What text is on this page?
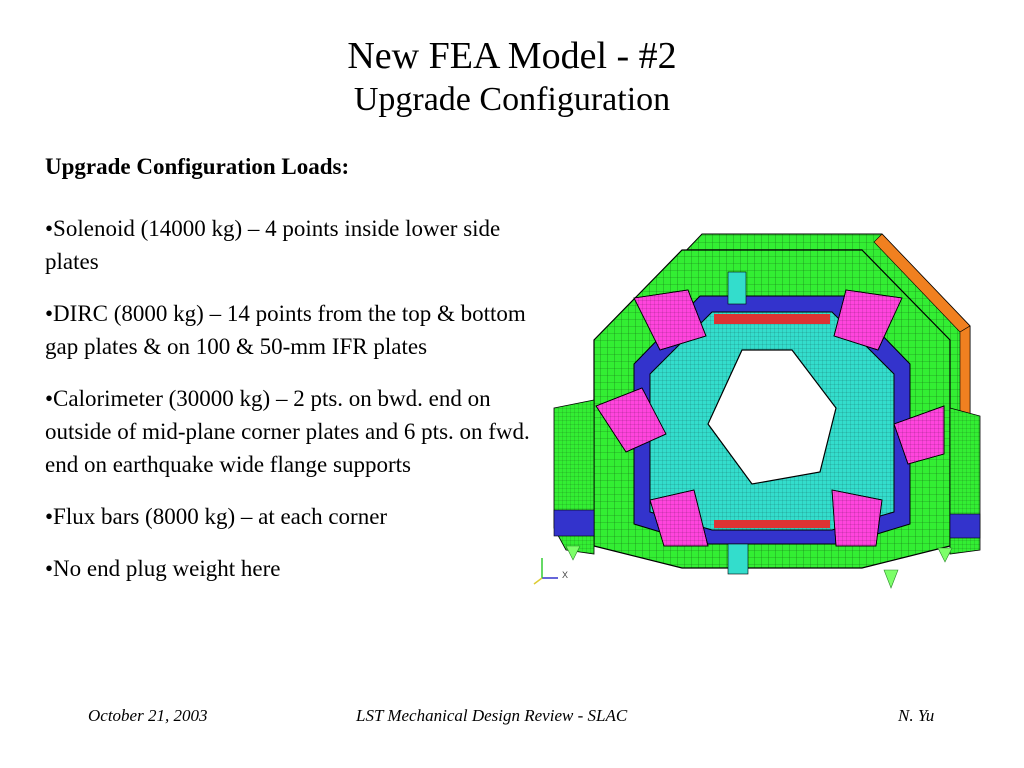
New FEA Model - #2
Upgrade Configuration
Upgrade Configuration Loads:
•Solenoid (14000 kg) – 4 points inside lower side plates
•DIRC (8000 kg) – 14 points from the top & bottom gap plates & on 100 & 50-mm IFR plates
•Calorimeter (30000 kg) – 2 pts. on bwd. end on outside of mid-plane corner plates and 6 pts. on fwd. end on earthquake wide flange supports
•Flux bars (8000 kg) – at each corner
•No end plug weight here	X
October 21, 2003	LST Mechanical Design Review - SLAC	N. Yu
